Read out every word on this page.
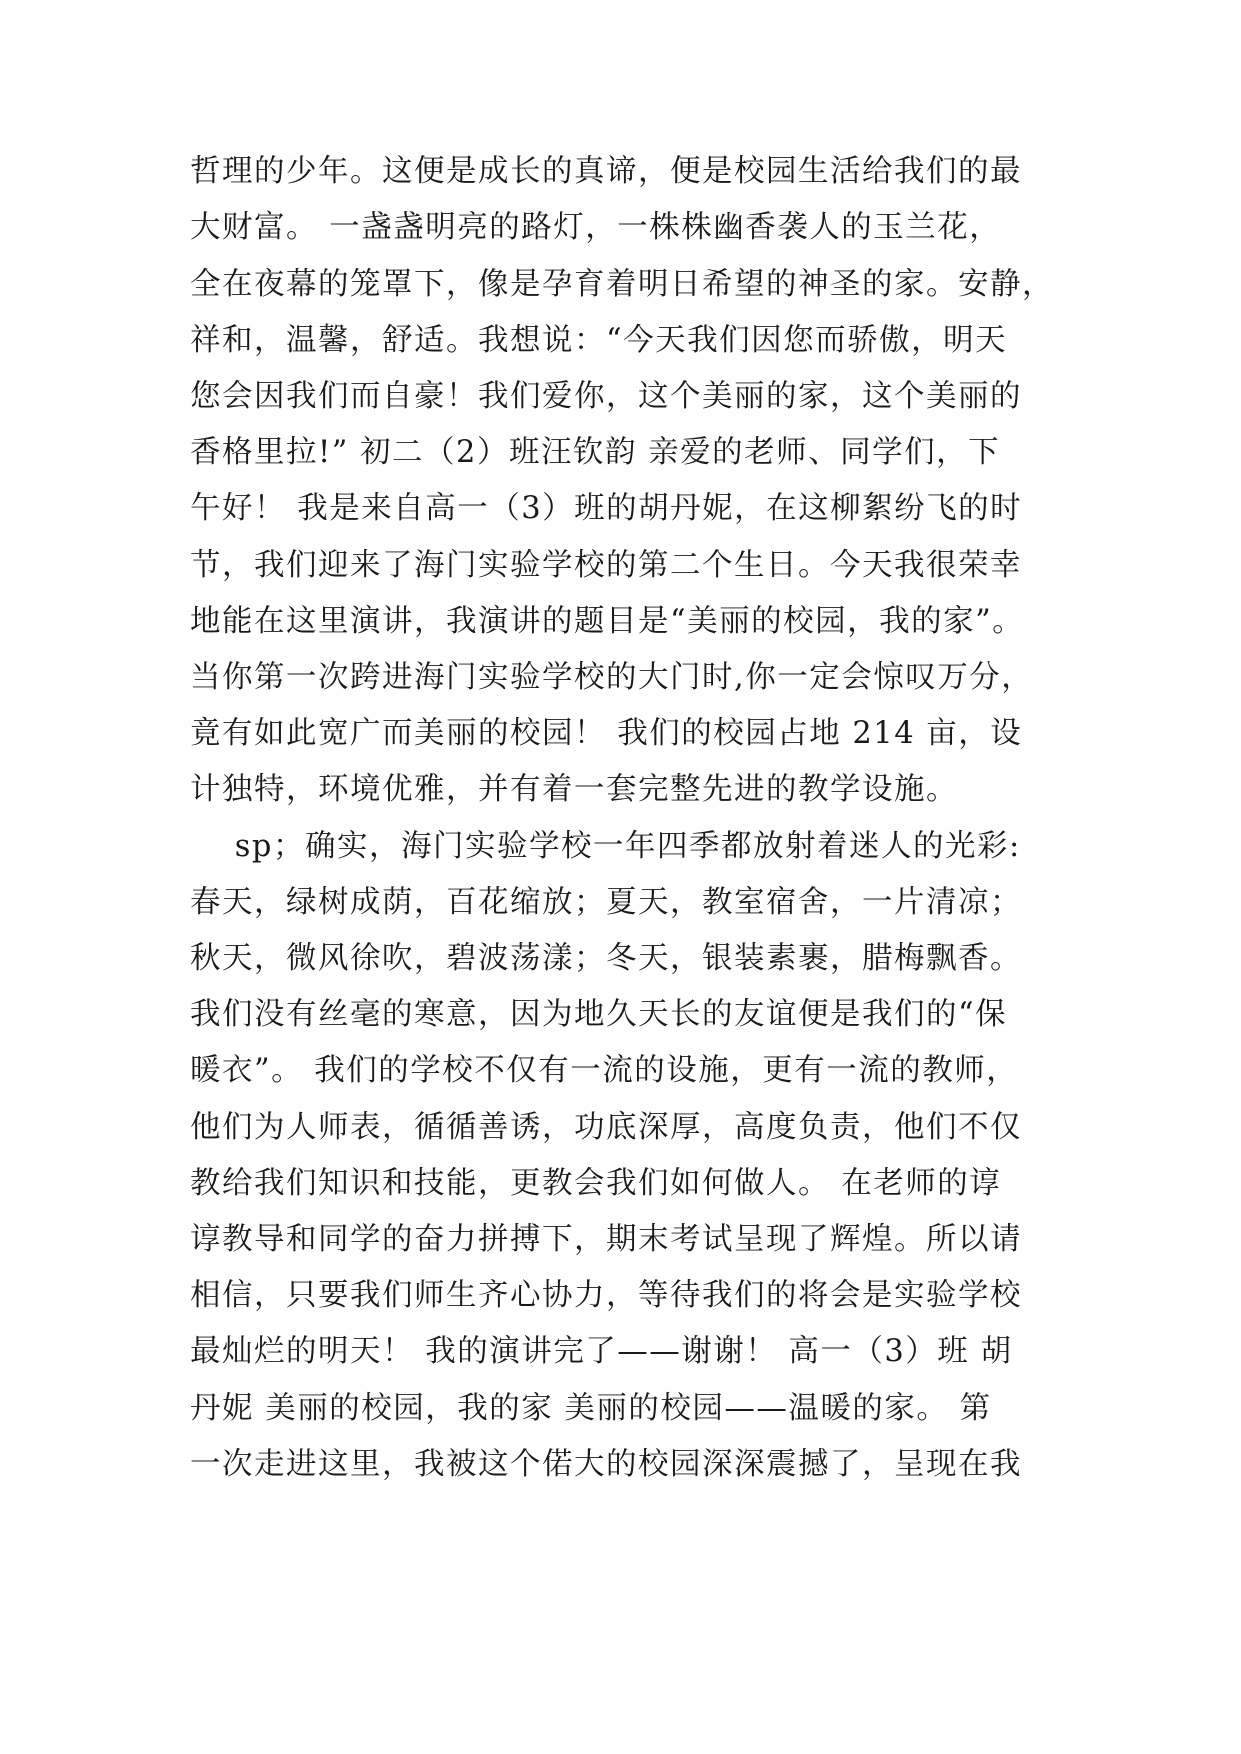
哲理的少年。这便是成长的真谛，便是校园生活给我们的最
大财富。 一盏盏明亮的路灯，一株株幽香袭人的玉兰花，
全在夜幕的笼罩下，像是孕育着明日希望的神圣的家。安静，
祥和，温馨，舒适。我想说：“今天我们因您而骄傲，明天
您会因我们而自豪！我们爱你，这个美丽的家，这个美丽的
香格里拉!” 初二（2）班汪钦韵 亲爱的老师、同学们，下
午好！ 我是来自高一（3）班的胡丹妮，在这柳絮纷飞的时
节，我们迎来了海门实验学校的第二个生日。今天我很荣幸
地能在这里演讲，我演讲的题目是“美丽的校园，我的家”。
当你第一次跨进海门实验学校的大门时,你一定会惊叹万分，
竟有如此宽广而美丽的校园！ 我们的校园占地 214 亩，设
计独特，环境优雅，并有着一套完整先进的教学设施。
sp；确实，海门实验学校一年四季都放射着迷人的光彩:
春天，绿树成荫，百花缩放；夏天，教室宿舍，一片清凉；
秋天，微风徐吹，碧波荡漾；冬天，银装素裹，腊梅飘香。
我们没有丝毫的寒意，因为地久天长的友谊便是我们的“保
暖衣”。 我们的学校不仅有一流的设施，更有一流的教师，
他们为人师表，循循善诱，功底深厚，高度负责，他们不仅
教给我们知识和技能，更教会我们如何做人。 在老师的谆
谆教导和同学的奋力拼搏下，期末考试呈现了辉煌。所以请
相信，只要我们师生齐心协力，等待我们的将会是实验学校
最灿烂的明天！ 我的演讲完了——谢谢！ 高一（3）班 胡
丹妮 美丽的校园，我的家 美丽的校园——温暖的家。 第
一次走进这里，我被这个偌大的校园深深震撼了，呈现在我
